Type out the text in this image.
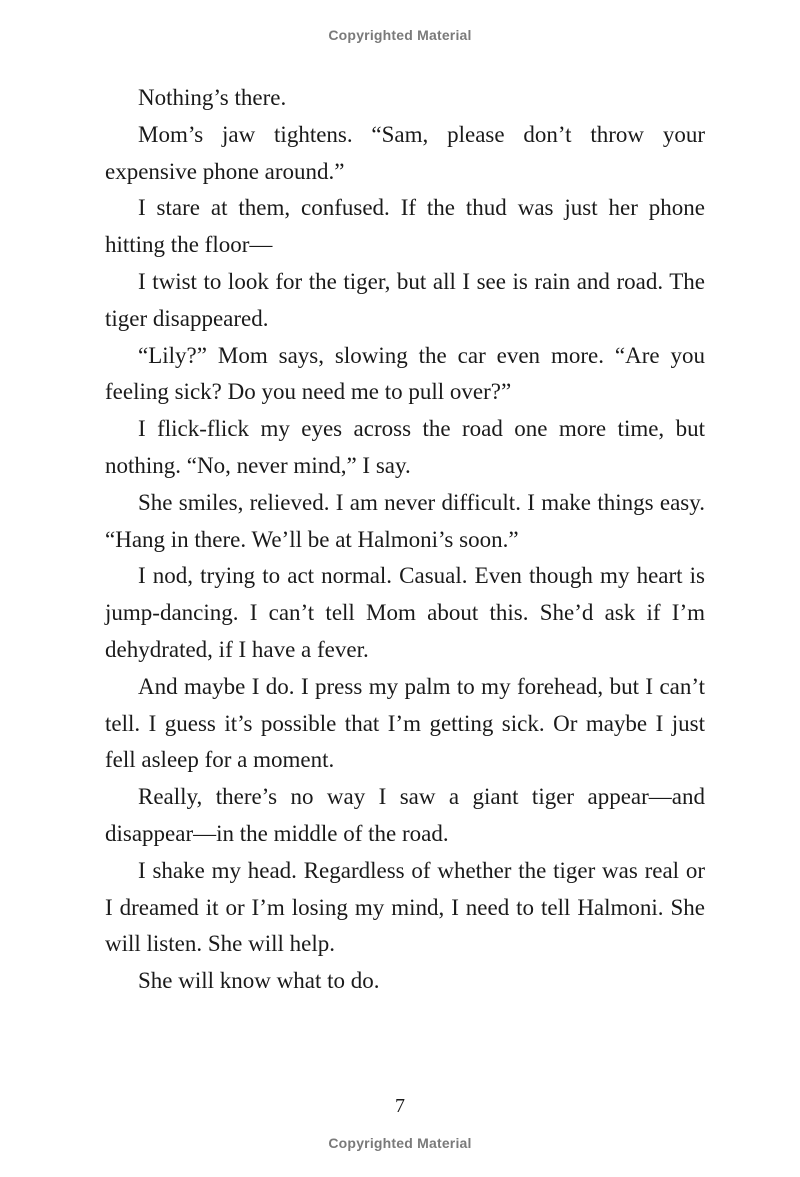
Copyrighted Material

Nothing’s there.

Mom’s jaw tightens. “Sam, please don’t throw your expensive phone around.”

I stare at them, confused. If the thud was just her phone hitting the floor—

I twist to look for the tiger, but all I see is rain and road. The tiger disappeared.

“Lily?” Mom says, slowing the car even more. “Are you feeling sick? Do you need me to pull over?”

I flick-flick my eyes across the road one more time, but nothing. “No, never mind,” I say.

She smiles, relieved. I am never difficult. I make things easy. “Hang in there. We’ll be at Halmoni’s soon.”

I nod, trying to act normal. Casual. Even though my heart is jump-dancing. I can’t tell Mom about this. She’d ask if I’m dehydrated, if I have a fever.

And maybe I do. I press my palm to my forehead, but I can’t tell. I guess it’s possible that I’m getting sick. Or maybe I just fell asleep for a moment.

Really, there’s no way I saw a giant tiger appear—and disappear—in the middle of the road.

I shake my head. Regardless of whether the tiger was real or I dreamed it or I’m losing my mind, I need to tell Halmoni. She will listen. She will help.

She will know what to do.

7
Copyrighted Material
